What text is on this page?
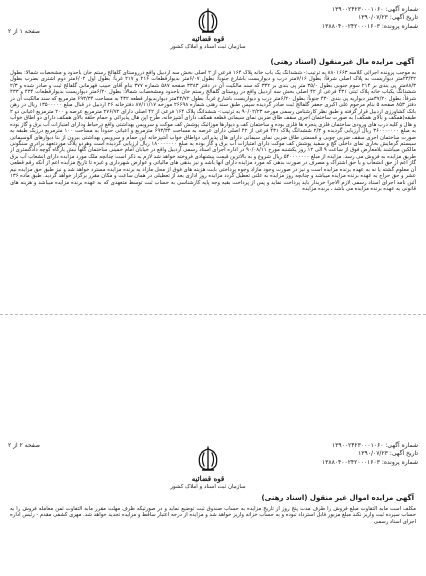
شماره آگهی: ۱۳۹۰۰۲۴۲۳۰۰۰۱۰۶۰
تاریخ آگهی: ۱۳۹۰/۰۷/۲۳
شماره پرونده: ۱۳۸۸۰۴۰۰۲۴۲۰۰۰۱۶۰۳
قوه قضائیه
سازمان ثبت اسناد و املاک کشور
صفحه ۱ از ۲
آگهی مزایده مال غیرمنقول (اسناد رهنی)
به موجب پرونده اجرائی کلاسه ۸۸۰۱۶۶۳ به ترتیب:- ششدانگ یک باب خانه پلاک ۱۶۴ فرعی از ۲ اصلی بخش سه اردبیل واقع درروستای گلفالج رستم خان باحدود و مشخصات شمالاً: بطول ۲۳/۳۲متر دیواریست به پلاک اصلی شرقاً: بطول ۷/۱۶متر درب و دیواریست باشارع جنوباً: بطول ۶/۰۷متر بدیوارقطعات ۲۱۶ و ۲۱۷ غرباً: بطول اول ۶/۰۲متر دوم اشتری بضرب بطول ۸۸/۳متر پی بندی بر ۲۱۴ سوم جنوبی بطول ۳۵/۰ متر پی بندی بر ۳۳۲ که سند مالکیت آن در دفتر ۳۳۸۳ صفحه ۵۸۷ شماره ۳۷۷ بنام آقای حبیب قهرمانی گلفالج ثبت و صادر شده و ۲/۳ ششدانگ یکباب خانه پلاک ثبتی ۴۳۱ فرعی از ۴۲ اصلی بخش سه اردبیل واقع در روستای گلفالج رستم خان باحدود ومشخصات شمالاً: بطول ۶/۲۰متر دیواریست بدیوارقطعات ۴۳۴ و ۴۳۳ شرقاً: بطول ۳۷/۲۰متر دیواریه پی بندی ۴۳۰ جنوباً: بطول ۶/۲۰متر درب و دیواریست باشارع غرباً: بطول ۴۳/۷۲متر دیواربدیوار قطعه ۴۳۲ به مساحت ۶۹۳/۳۴ مترمربع که سند مالکیت آن در دفتر ۸۵۳ صفحه ۵ بنام مرحوم علی اکبری جعفر گلفالج ثبت صادر گردیده سپس طبق سند رهنی شماره ۲۶۶۹۸ مورخه ۸۷/۱۱/۱۷ دفترخانه ۲۶ اردبیل در قبال مبلغ ۱۳۵۰۰۰۰۰ ریال در رهن بانک کشاورزی اردبیل قرار گرفته و طبق نظر کارشناس رسمی مورخه ۹۰/۰۲/۲۳ به ترتیب:- ششدانگ پلاک ۱۶۴ فرعی از ۴۲ اصلی دارای ۲۷۶/۷۲ مترمربع عرصه و ۲۰۰ مترمربع اعیانی دو ۲ طبقه(همکف و بالای همکف) به صورت ساختمان اجری سقف طاق ضربی نمای سیمانی قطعه همکف دارای آشپزخانه، طرح اپن هال پذیرائی و حمام حلقه بالای همکف دارای دو اطاق خواب و هال و کلیه درب های ورودی ساختمان فلزی پنجره ها فلزی بوده و ساختمان کف و دیوارها موزائیک پوشش کف موکت و سرویس بهداشتی واقع درحیاط ودارای امتیازات آب برق و گاز بوده به مبلغ ۳۶۰۰۰۰۰۰۰ ریال ارزیابی گردیده و ۲/۳ ششدانگ پلاک ۴۳۱ فرعی از ۴۲ اصلی دارای عرصه به مساحت ۶۹۳/۳۴ مترمربع و اعیانی حدوداً به مساحت ۱۰۰ مترمربع درزیک طبقه به صورت ساختمان اجری سقف ضربی چوبی و قسمتی طاق ضربی نمای سیمانی دارای هال پذیرائی دواطاق خواب آشپزخانه اپن حمام و سرویس بهداشتی بیرون از بنا دیوارهای آلوسیمانی سیستم گرمایش بخاری نمای داخلی گچ و سفید پوشش کف موکت دارای امتیازات آب برق و گاز بوده به مبلغ ۱۸۰۰۰۰۰۰۰ ریال ارزیابی گردیده است وهردو پلاک موردتعهد برادری سنگونی مالکین میباشند بلامعارض فوق از ساعت ۹ الی ۱۲ روز یکشنبه مورخ ۹۰/۰۸/۱۱ در اداره اجرای اسناد رسمی اردبیل واقع در خیابان امام خمینی ساختمان گلها نبش بارگاه کوچه دادگستری از طریق مزایده به فروش می رسد. مزایده از مبلغ ۵۴۰۰۰۰۰۰۰ ریال شروع و به بالاترین قیمت پیشنهادی فروخته خواهد شد لازم به ذکر است چنانچه ملک مورد مزایده دارای انشعاب آب برق گاز اعم از حق انشعاب و یا حق اشتراک و مصرف در صورت بدهی که مورد مزایده دارای آنها باشد و نیز بدهی های مالیاتی و عوارض شهرداری و غیره تا تاریخ مزایده اعم از آنکه رقم قطعی آن معلوم گشته یا نه به عهده برنده مزایده است و نیز در صورت وجود مازاد وجوه پرداختی بابت هزینه های فوق از محل مازاد به برنده مزایده مسترد خواهد شد و نیز طبق حق مزایده نیم عشر و حق حراج به عهده برنده مزایده میباشد و چنانچه روز مزایده به علتی تعطیل گردد مزایده روز اداری بعد از تعطیلی در همان ساعت و مکان مقرر برگزار خواهد گردید. طبق ماده ۱۳۶ آئین نامه اجرای اسناد رسمی لازم الاجرا خریدار باید پرداخت نماید و پس از پرداخت بقیه وجه پایه کارشناسی به حساب ثبت توسط متعهدی که به عهده برنده مزایده میباشد و هزینه های قانونی به عهده برنده مزایده می باشد ، برنده مزایده
شماره آگهی: ۱۳۹۰۰۲۴۲۳۰۰۰۱۰۶۰
تاریخ آگهی: ۱۳۹۰/۰۷/۲۳
شماره پرونده: ۱۳۸۸۰۴۰۰۲۴۲۰۰۰۱۶۰۳
قوه قضائیه
سازمان ثبت اسناد و املاک کشور
صفحه ۲ از ۲
آگهی مزایده اموال غیر منقول (اسناد رهنی)
مکلف است مابه التفاوت مبلغ فروش را ظرف مدت پنج روز از تاریخ مزایده به حساب صندوق ثبت توضیع نماید و در صورتیکه ظرف مهلت مقرر مابه التفاوت ثمن معامله فروش را به حساب سپرده ثبت واریز نکند مبلغ مزبور قابل استرداد نبوده و به حساب خزانه واریز خواهد شد و مزایده از درجه اعتبار ساقط و مزایده تجدید خواهد شد. مهری کشفی مقدم - رئیس اداره اجرای اسناد رسمی
